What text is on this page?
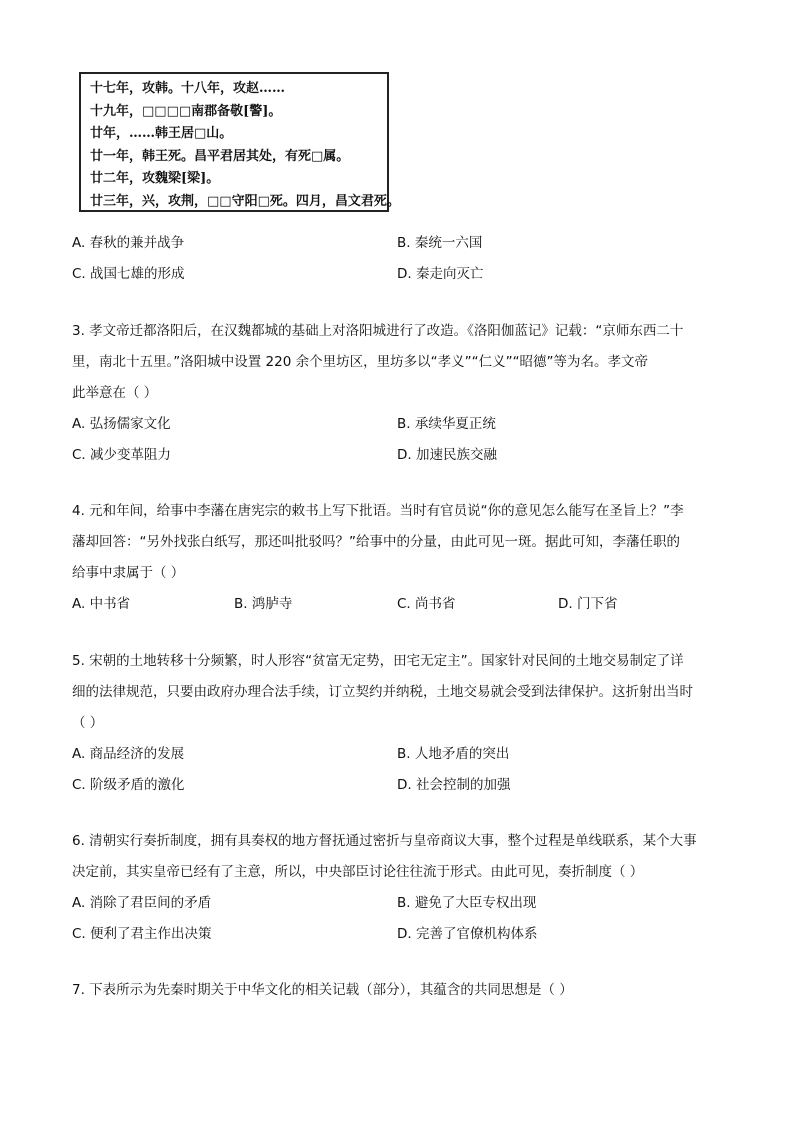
十七年，攻韩。十八年，攻赵……
十九年，□□□□南郡备敬[警]。
廿年，……韩王居□山。
廿一年，韩王死。昌平君居其处，有死□属。
廿二年，攻魏梁[梁]。
廿三年，兴，攻荆，□□守阳□死。四月，昌文君死。
A. 春秋的兼并战争	B. 秦统一六国
C. 战国七雄的形成	D. 秦走向灭亡
3. 孝文帝迁都洛阳后，在汉魏都城的基础上对洛阳城进行了改造。《洛阳伽蓝记》记载：“京师东西二十
里，南北十五里。”洛阳城中设置 220 余个里坊区，里坊多以“孝义”“仁义”“昭德”等为名。孝文帝
此举意在（ ）
A. 弘扬儒家文化	B. 承续华夏正统
C. 减少变革阻力	D. 加速民族交融
4. 元和年间，给事中李藩在唐宪宗的敕书上写下批语。当时有官员说“你的意见怎么能写在圣旨上？”李
藩却回答：“另外找张白纸写，那还叫批驳吗？”给事中的分量，由此可见一斑。据此可知，李藩任职的
给事中隶属于（ ）
A. 中书省	B. 鸿胪寺	C. 尚书省	D. 门下省
5. 宋朝的土地转移十分频繁，时人形容“贫富无定势，田宅无定主”。国家针对民间的土地交易制定了详
细的法律规范，只要由政府办理合法手续，订立契约并纳税，土地交易就会受到法律保护。这折射出当时
（ ）
A. 商品经济的发展	B. 人地矛盾的突出
C. 阶级矛盾的激化	D. 社会控制的加强
6. 清朝实行奏折制度，拥有具奏权的地方督抚通过密折与皇帝商议大事，整个过程是单线联系，某个大事
决定前，其实皇帝已经有了主意，所以，中央部臣讨论往往流于形式。由此可见，奏折制度（ ）
A. 消除了君臣间的矛盾	B. 避免了大臣专权出现
C. 便利了君主作出决策	D. 完善了官僚机构体系
7. 下表所示为先秦时期关于中华文化的相关记载（部分），其蕴含的共同思想是（ ）
